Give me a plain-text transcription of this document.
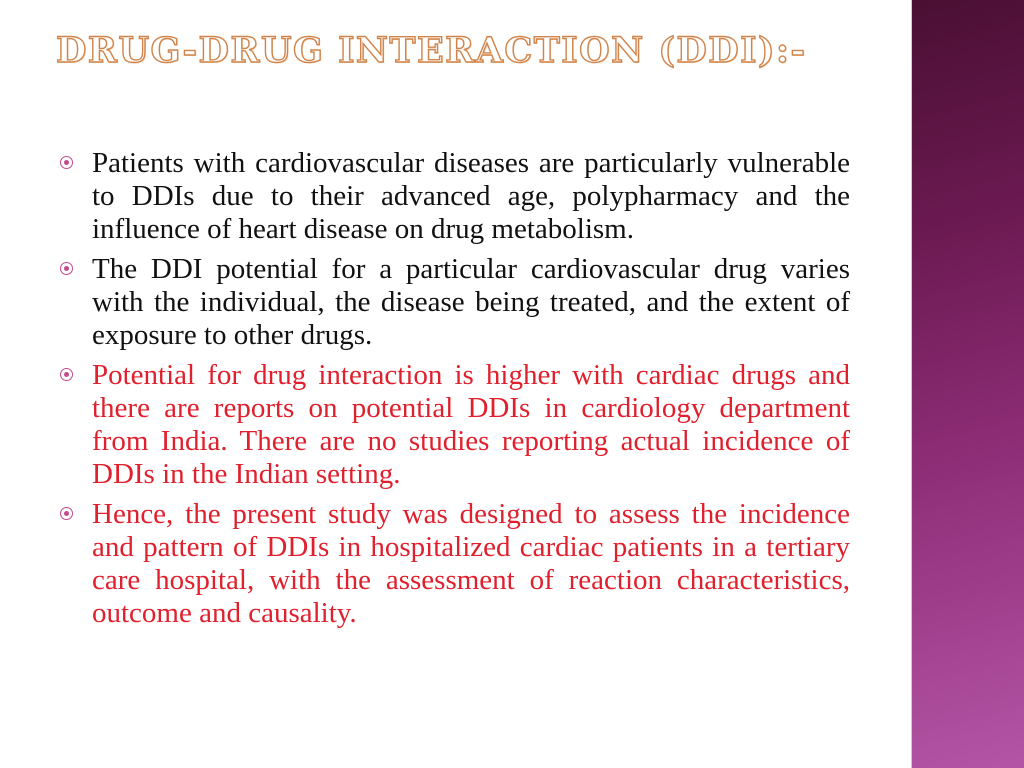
DRUG-DRUG INTERACTION (DDI):-
Patients with cardiovascular diseases are particularly vulnerable to DDIs due to their advanced age, polypharmacy and the influence of heart disease on drug metabolism.
The DDI potential for a particular cardiovascular drug varies with the individual, the disease being treated, and the extent of exposure to other drugs.
Potential for drug interaction is higher with cardiac drugs and there are reports on potential DDIs in cardiology department from India. There are no studies reporting actual incidence of DDIs in the Indian setting.
Hence, the present study was designed to assess the incidence and pattern of DDIs in hospitalized cardiac patients in a tertiary care hospital, with the assessment of reaction characteristics, outcome and causality.
